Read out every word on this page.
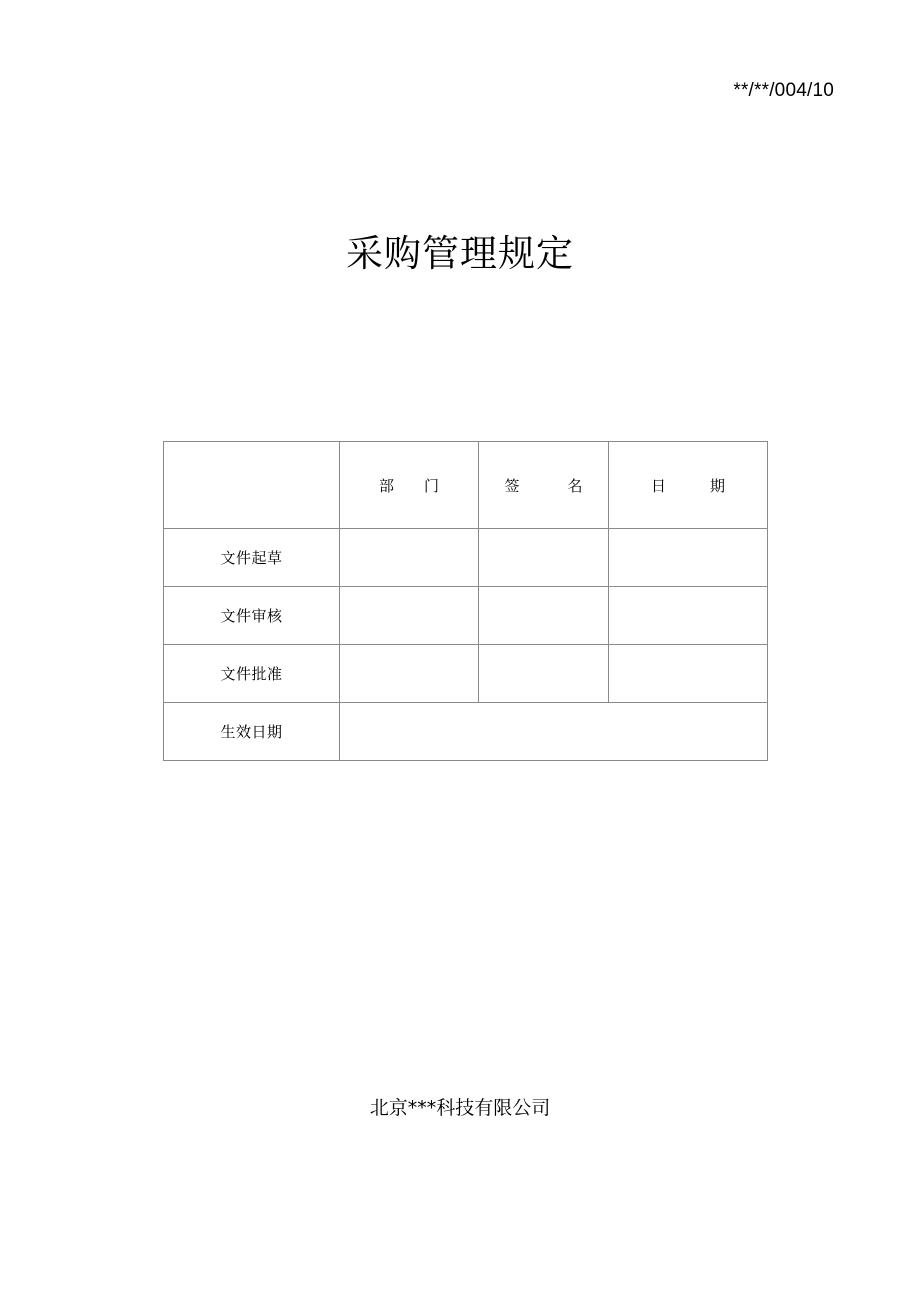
**/**/004/10
采购管理规定
	部门	签名	日期
文件起草			
文件审核			
文件批准			
生效日期			
北京***科技有限公司
